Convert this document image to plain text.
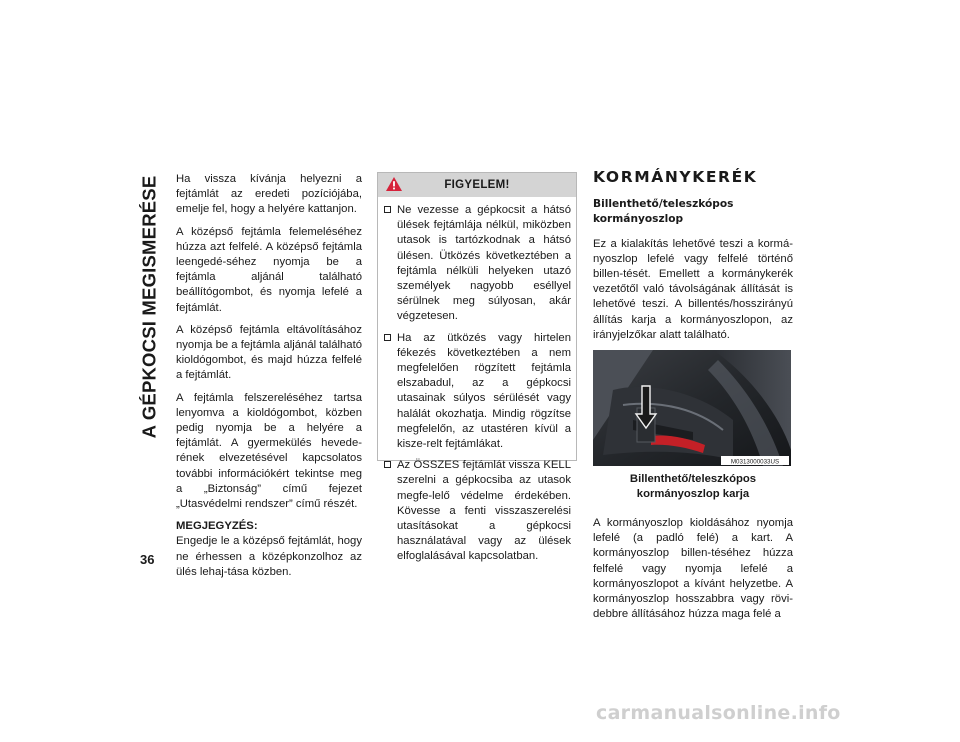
A GÉPKOCSI MEGISMERÉSE
36

Ha vissza kívánja helyezni a fejtámlát az eredeti pozíciójába, emelje fel, hogy a helyére kattanjon.

A középső fejtámla felemeléséhez húzza azt felfelé. A középső fejtámla leengedé-séhez nyomja be a fejtámla aljánál található beállítógombot, és nyomja lefelé a fejtámlát.

A középső fejtámla eltávolításához nyomja be a fejtámla aljánál található kioldógombot, és majd húzza felfelé a fejtámlát.

A fejtámla felszereléséhez tartsa lenyomva a kioldógombot, közben pedig nyomja be a helyére a fejtámlát. A gyermekülés hevede-rének elvezetésével kapcsolatos további információkért tekintse meg a „Biztonság” című fejezet „Utasvédelmi rendszer” című részét.

MEGJEGYZÉS:

Engedje le a középső fejtámlát, hogy ne érhessen a középkonzolhoz az ülés lehaj-tása közben.

FIGYELEM!
Ne vezesse a gépkocsit a hátsó ülések fejtámlája nélkül, miközben utasok is tartózkodnak a hátsó ülésen. Ütközés következtében a fejtámla nélküli helyeken utazó személyek nagyobb eséllyel sérülnek meg súlyosan, akár végzetesen.
Ha az ütközés vagy hirtelen fékezés következtében a nem megfelelően rögzített fejtámla elszabadul, az a gépkocsi utasainak súlyos sérülését vagy halálát okozhatja. Mindig rögzítse megfelelőn, az utastéren kívül a kisze-relt fejtámlákat.
Az ÖSSZES fejtámlát vissza KELL szerelni a gépkocsiba az utasok megfe-lelő védelme érdekében. Kövesse a fenti visszaszerelési utasításokat a gépkocsi használatával vagy az ülések elfoglalásával kapcsolatban.
KORMÁNYKERÉK
Billenthető/teleszkópos kormányoszlop

Ez a kialakítás lehetővé teszi a kormá-nyoszlop lefelé vagy felfelé történő billen-tését. Emellett a kormánykerék vezetőtől való távolságának állítását is lehetővé teszi. A billentés/hosszirányú állítás karja a kormányoszlopon, az irányjelzőkar alatt található.

M0313000033US
Billenthető/teleszkópos kormányoszlop karja

A kormányoszlop kioldásához nyomja lefelé (a padló felé) a kart. A kormányoszlop billen-téséhez húzza felfelé vagy nyomja lefelé a kormányoszlopot a kívánt helyzetbe. A kormányoszlop hosszabbra vagy rövi-debbre állításához húzza maga felé a

carmanualsonline.info
